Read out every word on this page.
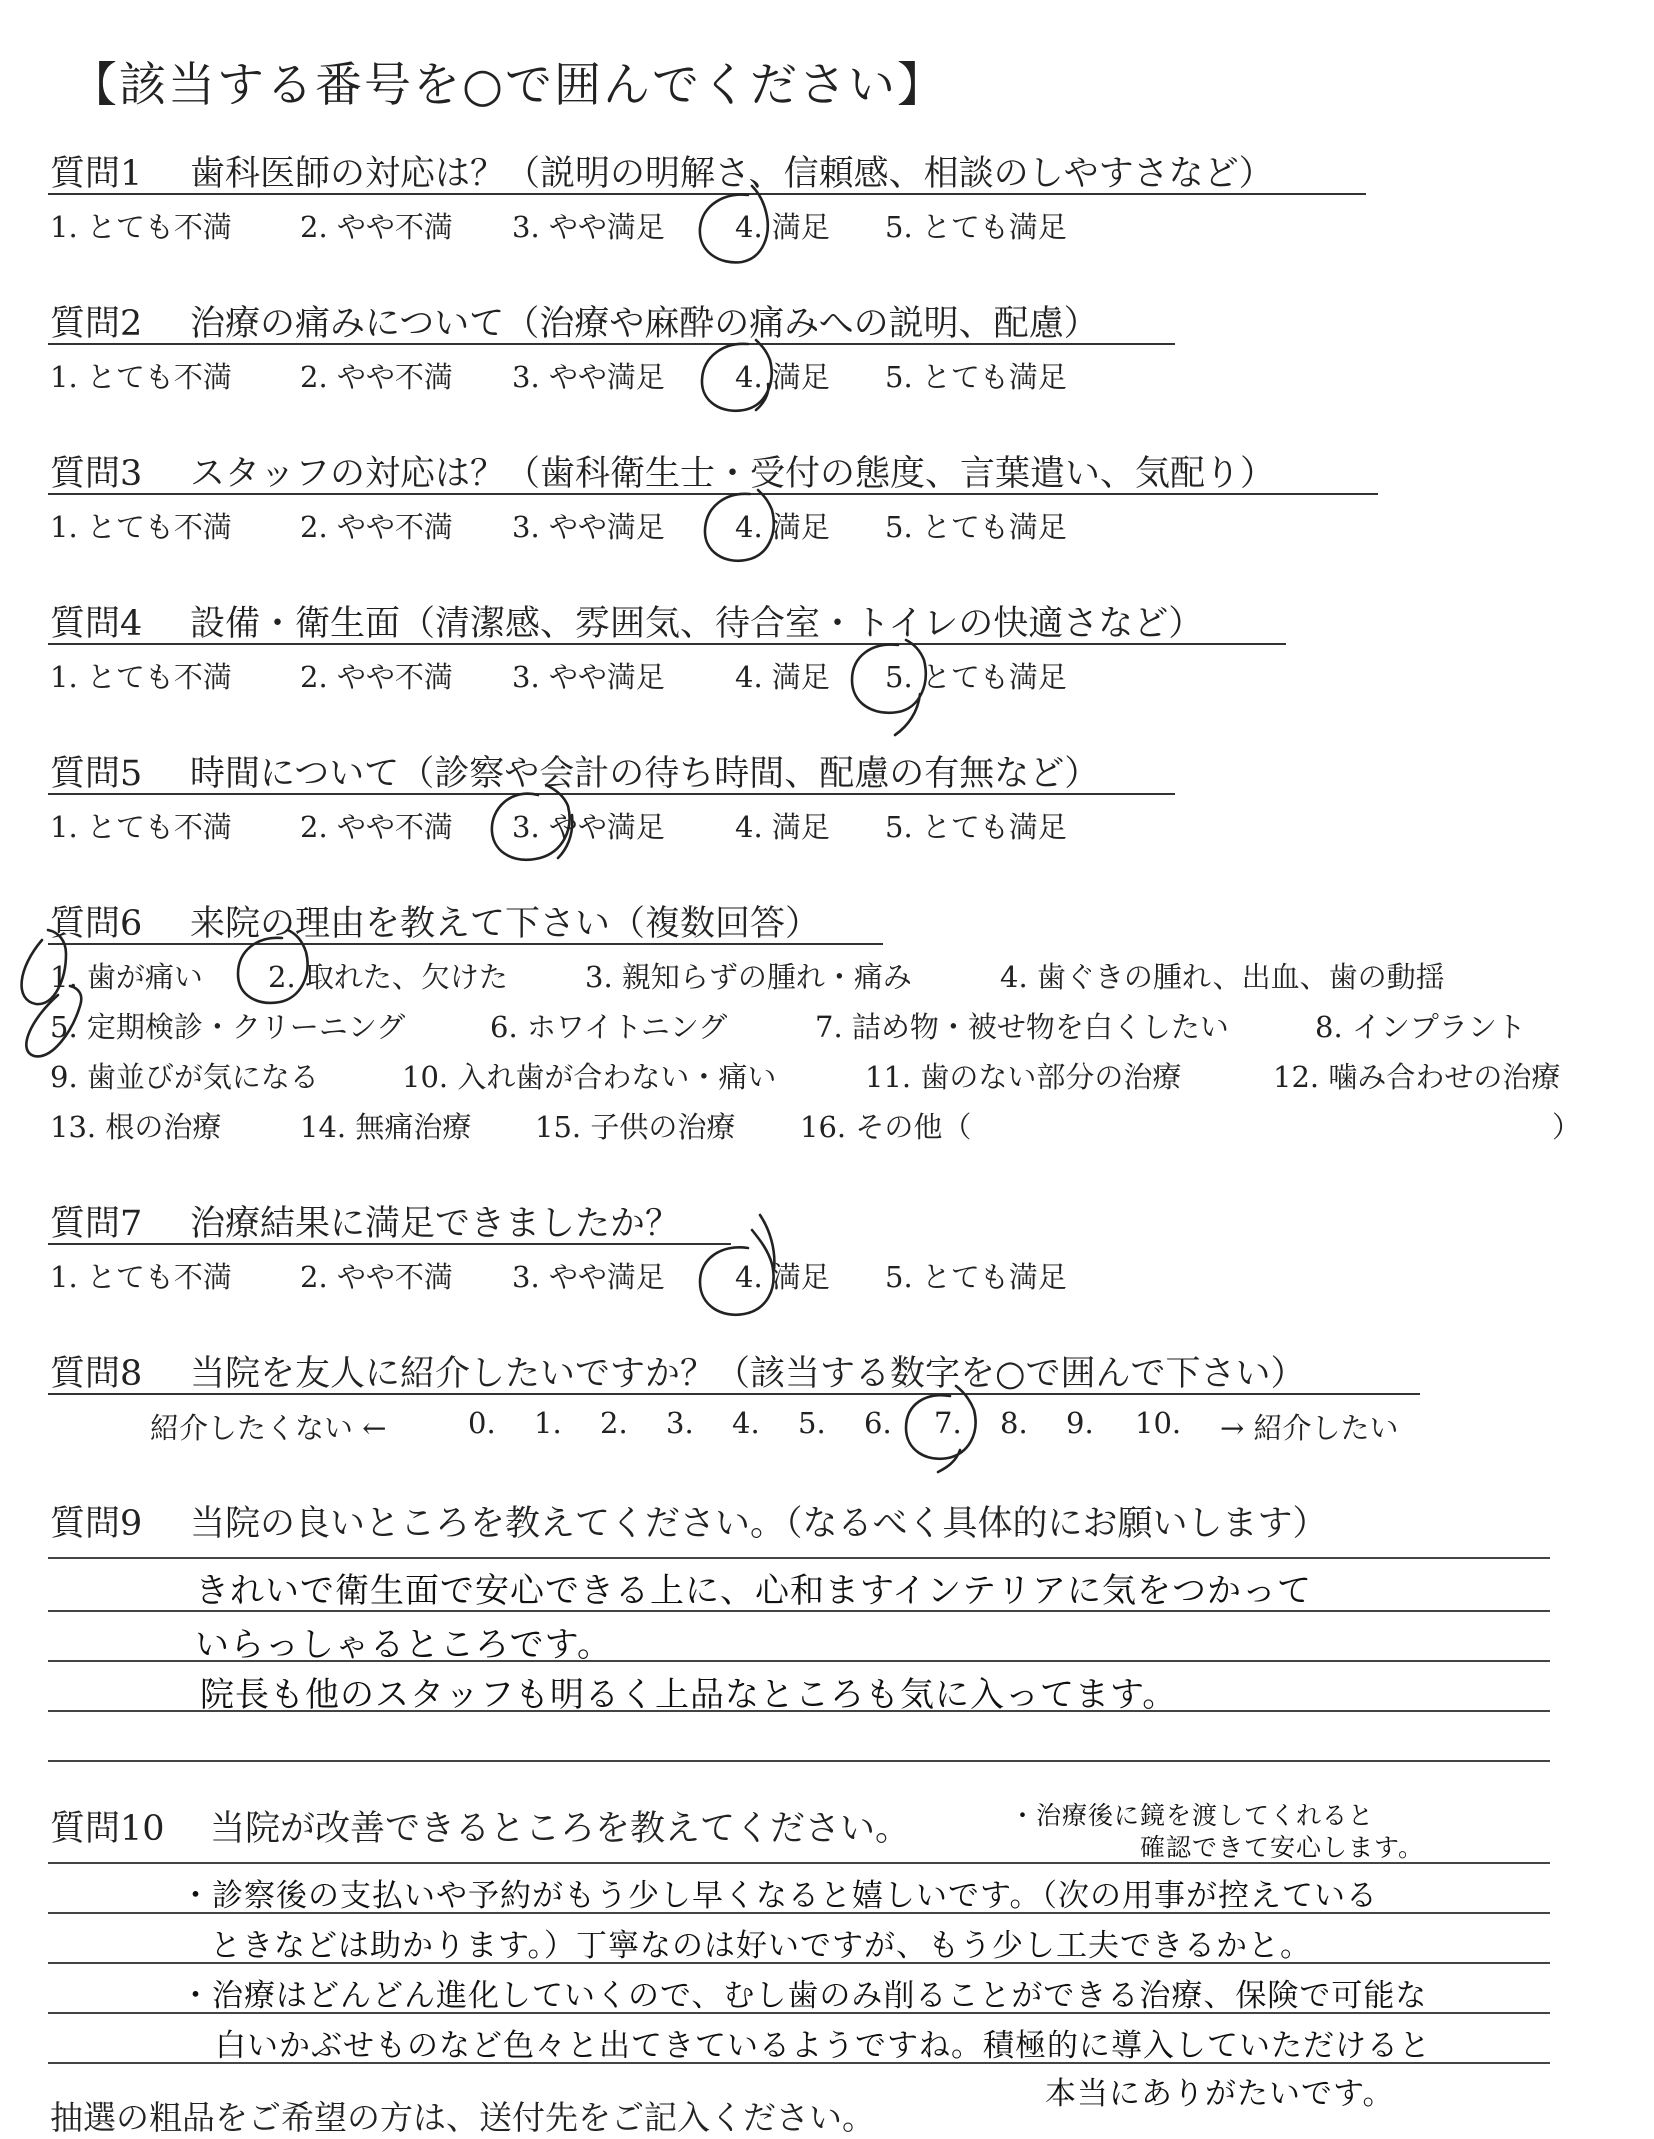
【該当する番号を○で囲んでください】
質問1 歯科医師の対応は？（説明の明解さ、信頼感、相談のしやすさなど）
1. とても不満 2. やや不満 3. やや満足 4. 満足 5. とても満足
質問2 治療の痛みについて（治療や麻酔の痛みへの説明、配慮）
1. とても不満 2. やや不満 3. やや満足 4. 満足 5. とても満足
質問3 スタッフの対応は？（歯科衛生士・受付の態度、言葉遣い、気配り）
1. とても不満 2. やや不満 3. やや満足 4. 満足 5. とても満足
質問4 設備・衛生面（清潔感、雰囲気、待合室・トイレの快適さなど）
1. とても不満 2. やや不満 3. やや満足 4. 満足 5. とても満足
質問5 時間について（診察や会計の待ち時間、配慮の有無など）
1. とても不満 2. やや不満 3. やや満足 4. 満足 5. とても満足
質問6 来院の理由を教えて下さい（複数回答）
1. 歯が痛い 2. 取れた、欠けた	3. 親知らずの腫れ・痛み	4. 歯ぐきの腫れ、出血、歯の動揺
5. 定期検診・クリーニング	6. ホワイトニング	7. 詰め物・被せ物を白くしたい	8. インプラント
9. 歯並びが気になる	10. 入れ歯が合わない・痛い	11. 歯のない部分の治療	12. 噛み合わせの治療
13. 根の治療	14. 無痛治療 15. 子供の治療 16. その他（	）
質問7 治療結果に満足できましたか？
1. とても不満 2. やや不満 3. やや満足 4. 満足 5. とても満足
質問8 当院を友人に紹介したいですか？（該当する数字を○で囲んで下さい）
紹介したくない ←	0. 1. 2. 3. 4. 5. 6. 7. 8. 9. 10. → 紹介したい
質問9 当院の良いところを教えてください。（なるべく具体的にお願いします）
きれいで衛生面で安心できる上に、心和ますインテリアに気をつかって
いらっしゃるところです。
院長も他のスタッフも明るく上品なところも気に入ってます。
質問10 当院が改善できるところを教えてください。	・治療後に鏡を渡してくれると
確認できて安心します。
・診察後の支払いや予約がもう少し早くなると嬉しいです。（次の用事が控えている
ときなどは助かります。）丁寧なのは好いですが、もう少し工夫できるかと。
・治療はどんどん進化していくので、むし歯のみ削ることができる治療、保険で可能な
白いかぶせものなど色々と出てきているようですね。積極的に導入していただけると
本当にありがたいです。
抽選の粗品をご希望の方は、送付先をご記入ください。
